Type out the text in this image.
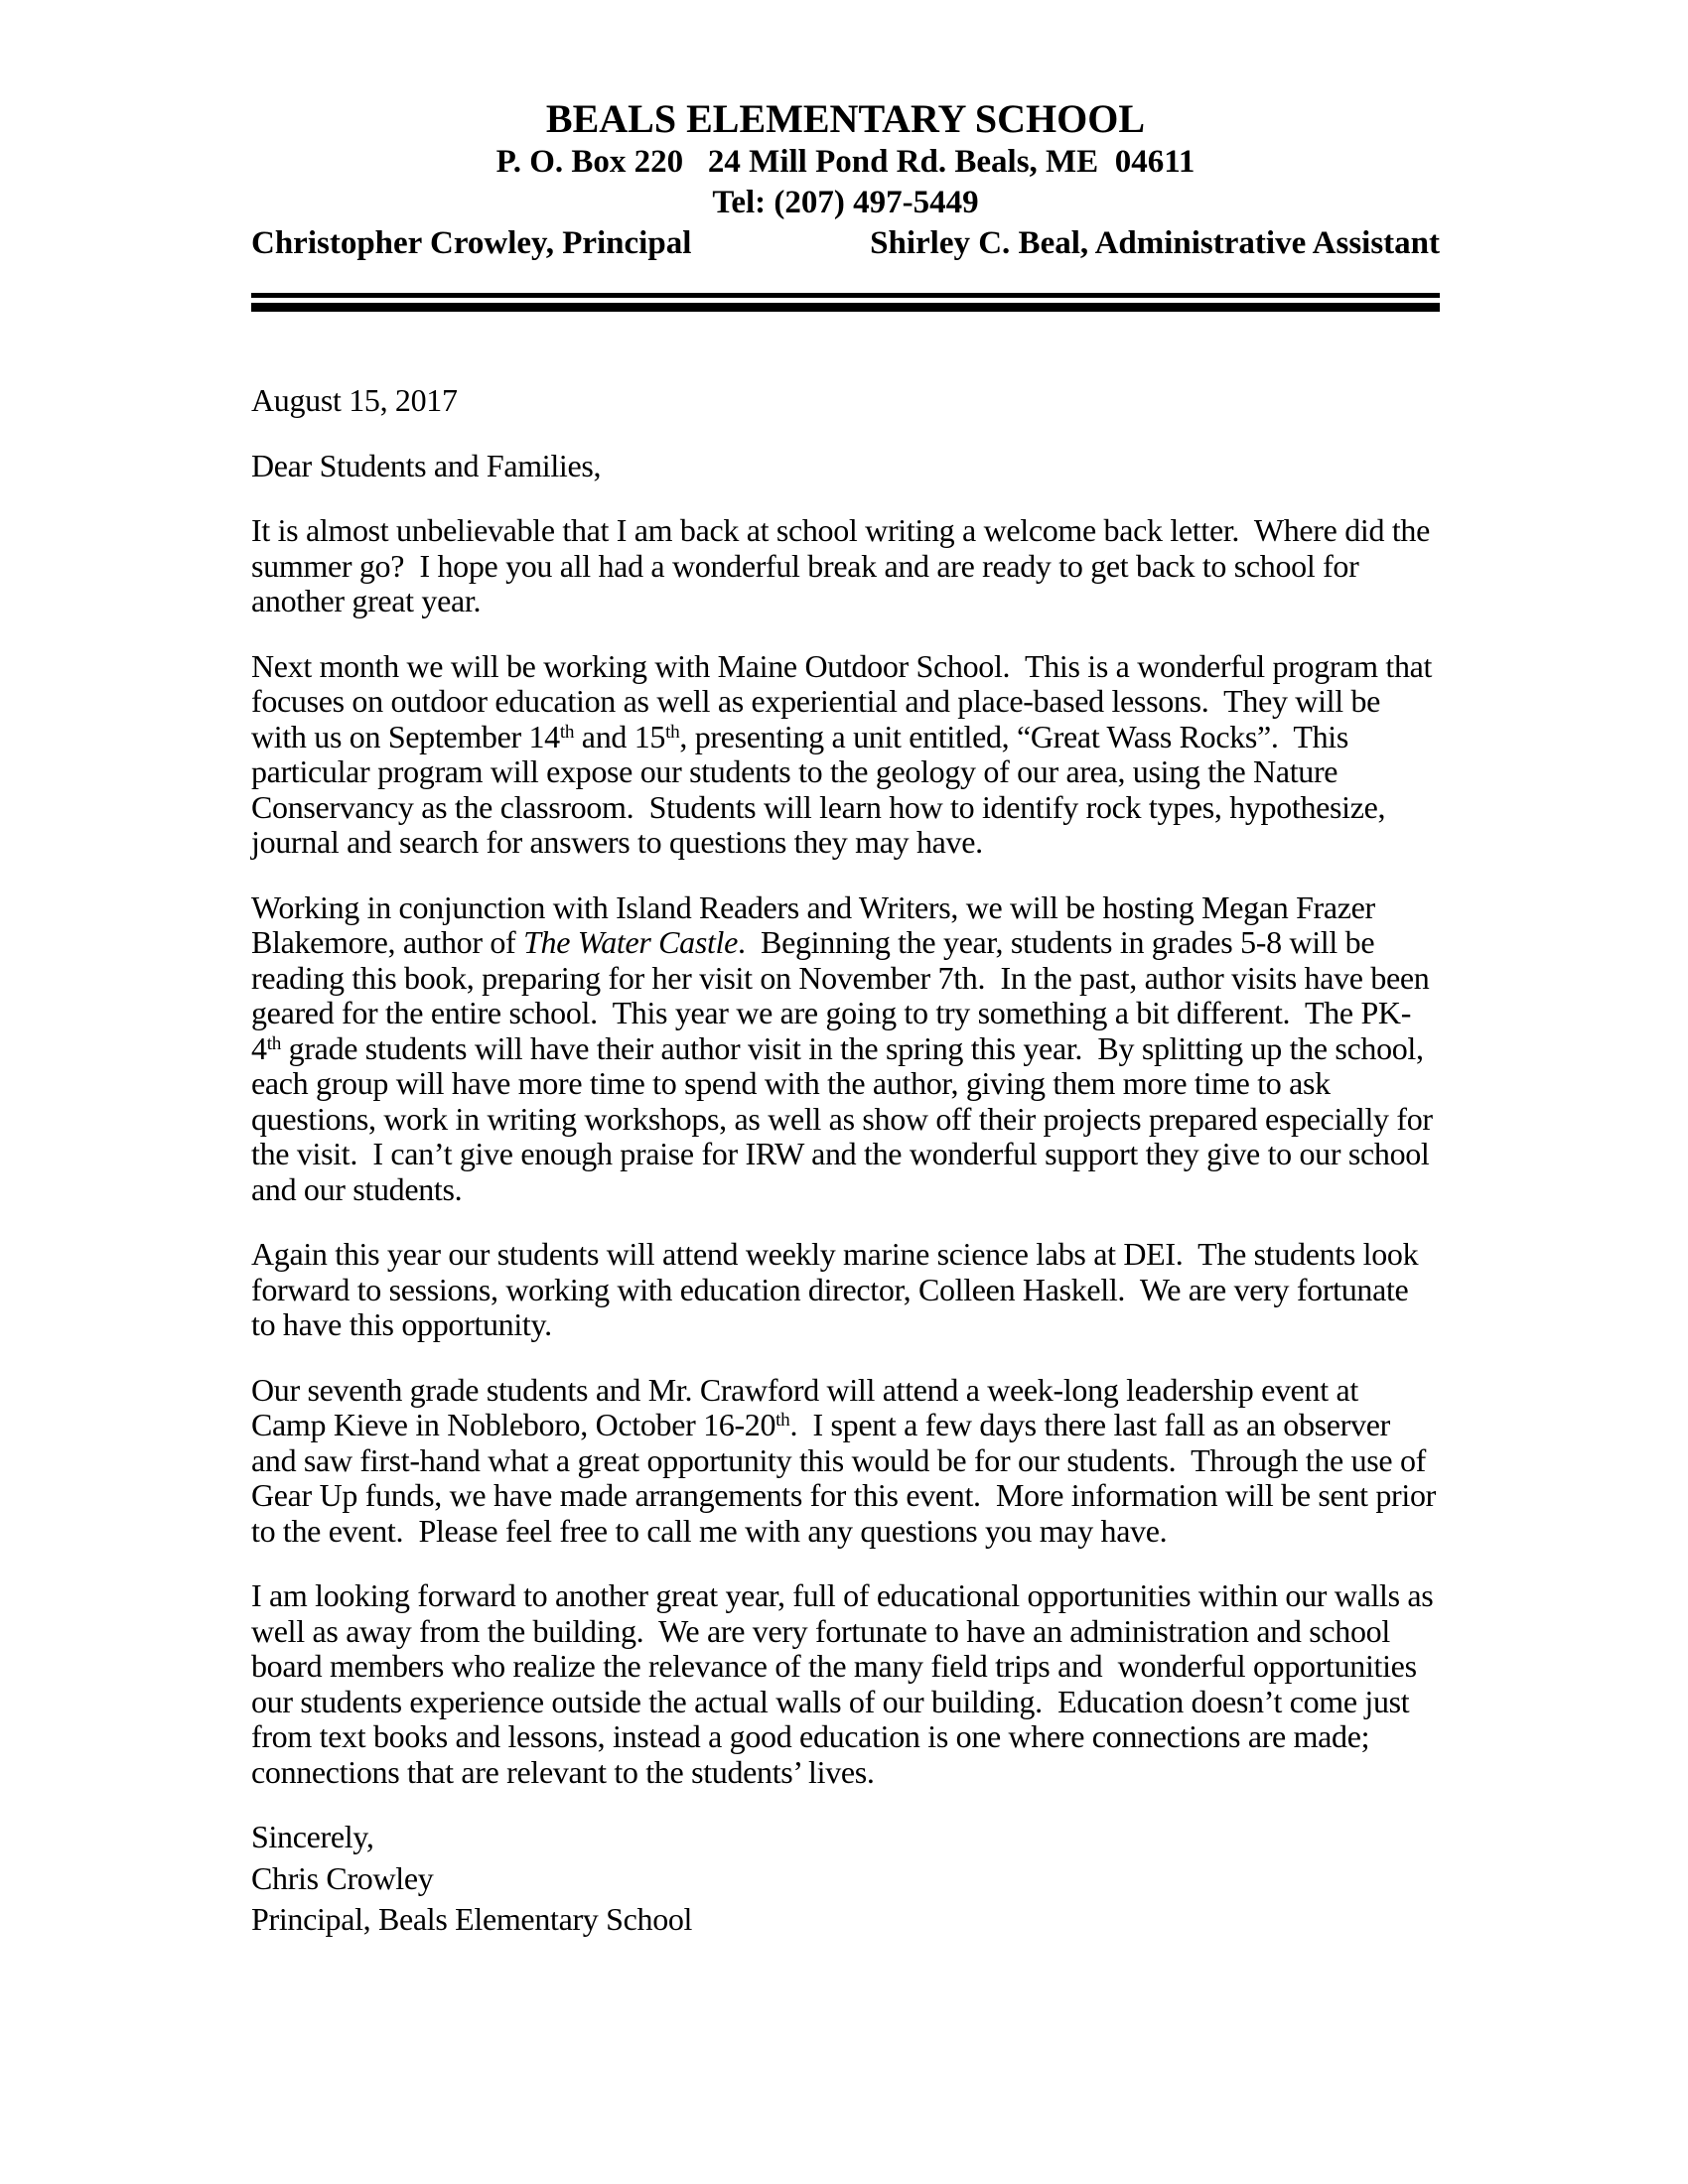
BEALS ELEMENTARY SCHOOL
P. O. Box 220   24 Mill Pond Rd. Beals, ME  04611
Tel: (207) 497-5449
Christopher Crowley, Principal	Shirley C. Beal, Administrative Assistant

August 15, 2017

Dear Students and Families,

It is almost unbelievable that I am back at school writing a welcome back letter.  Where did the summer go?  I hope you all had a wonderful break and are ready to get back to school for another great year.

Next month we will be working with Maine Outdoor School.  This is a wonderful program that focuses on outdoor education as well as experiential and place-based lessons.  They will be with us on September 14th and 15th, presenting a unit entitled, “Great Wass Rocks”.  This particular program will expose our students to the geology of our area, using the Nature Conservancy as the classroom.  Students will learn how to identify rock types, hypothesize, journal and search for answers to questions they may have.

Working in conjunction with Island Readers and Writers, we will be hosting Megan Frazer Blakemore, author of The Water Castle.  Beginning the year, students in grades 5-8 will be reading this book, preparing for her visit on November 7th.  In the past, author visits have been geared for the entire school.  This year we are going to try something a bit different.  The PK-4th grade students will have their author visit in the spring this year.  By splitting up the school, each group will have more time to spend with the author, giving them more time to ask questions, work in writing workshops, as well as show off their projects prepared especially for the visit.  I can’t give enough praise for IRW and the wonderful support they give to our school and our students.

Again this year our students will attend weekly marine science labs at DEI.  The students look forward to sessions, working with education director, Colleen Haskell.  We are very fortunate to have this opportunity.

Our seventh grade students and Mr. Crawford will attend a week-long leadership event at Camp Kieve in Nobleboro, October 16-20th.  I spent a few days there last fall as an observer and saw first-hand what a great opportunity this would be for our students.  Through the use of Gear Up funds, we have made arrangements for this event.  More information will be sent prior to the event.  Please feel free to call me with any questions you may have.

I am looking forward to another great year, full of educational opportunities within our walls as well as away from the building.  We are very fortunate to have an administration and school board members who realize the relevance of the many field trips and  wonderful opportunities our students experience outside the actual walls of our building.  Education doesn’t come just from text books and lessons, instead a good education is one where connections are made; connections that are relevant to the students’ lives.

Sincerely,

Chris Crowley

Principal, Beals Elementary School
